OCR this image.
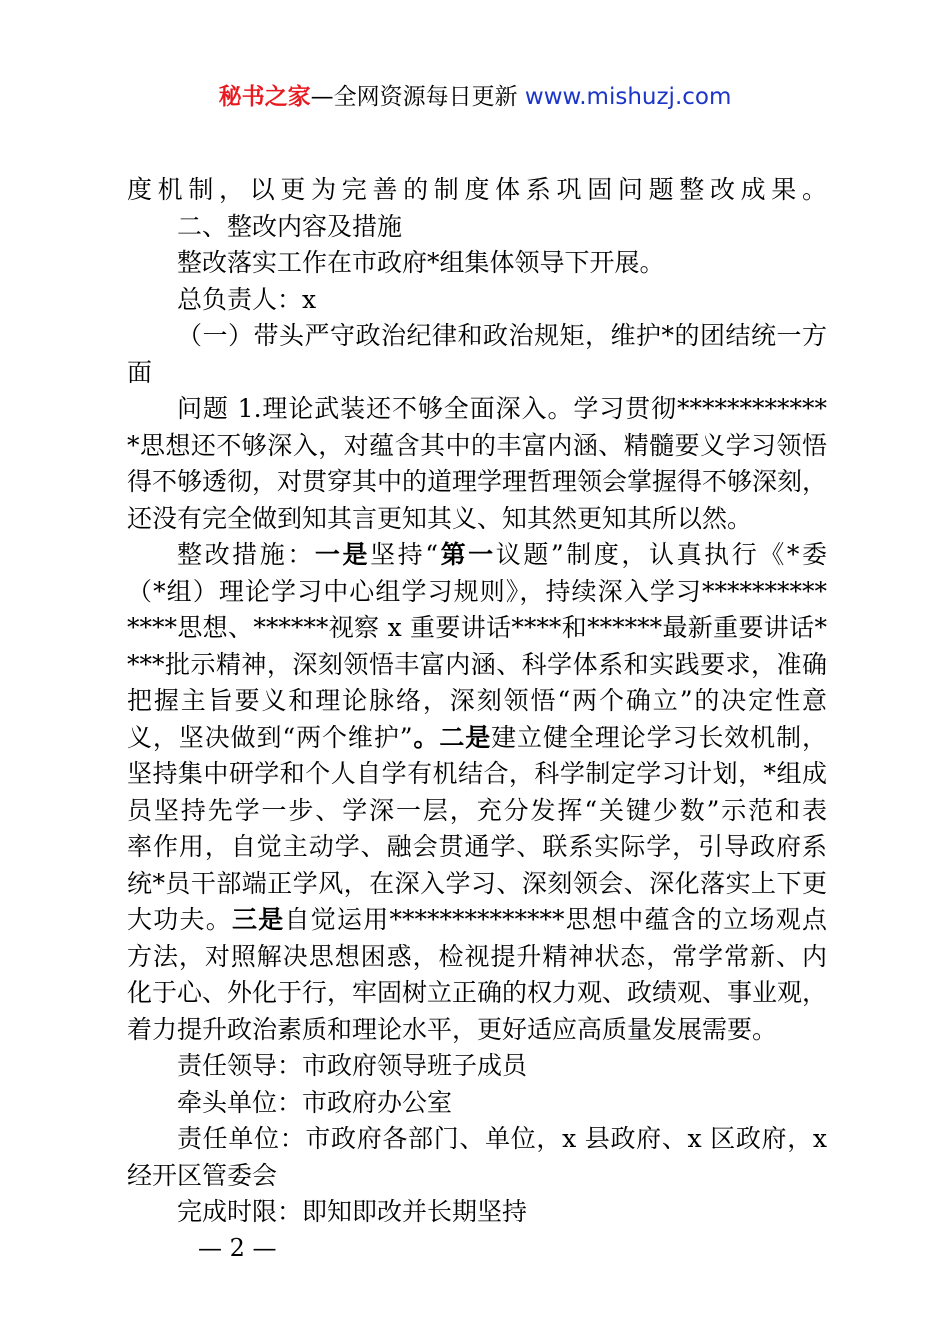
秘书之家—全网资源每日更新 www.mishuzj.com

度机制，以更为完善的制度体系巩固问题整改成果。

二、整改内容及措施

整改落实工作在市政府*组集体领导下开展。

总负责人：x

（一）带头严守政治纪律和政治规矩，维护*的团结统一方

面

问题 1.理论武装还不够全面深入。学习贯彻************

*思想还不够深入，对蕴含其中的丰富内涵、精髓要义学习领悟

得不够透彻，对贯穿其中的道理学理哲理领会掌握得不够深刻，

还没有完全做到知其言更知其义、知其然更知其所以然。

整改措施：一是坚持“第一议题”制度，认真执行《*委

（*组）理论学习中心组学习规则》，持续深入学习**********

****思想、******视察 x 重要讲话****和******最新重要讲话*

***批示精神，深刻领悟丰富内涵、科学体系和实践要求，准确

把握主旨要义和理论脉络，深刻领悟“两个确立”的决定性意

义，坚决做到“两个维护”。二是建立健全理论学习长效机制，

坚持集中研学和个人自学有机结合，科学制定学习计划，*组成

员坚持先学一步、学深一层，充分发挥“关键少数”示范和表

率作用，自觉主动学、融会贯通学、联系实际学，引导政府系

统*员干部端正学风，在深入学习、深刻领会、深化落实上下更

大功夫。三是自觉运用**************思想中蕴含的立场观点

方法，对照解决思想困惑，检视提升精神状态，常学常新、内

化于心、外化于行，牢固树立正确的权力观、政绩观、事业观，

着力提升政治素质和理论水平，更好适应高质量发展需要。

责任领导：市政府领导班子成员

牵头单位：市政府办公室

责任单位：市政府各部门、单位，x 县政府、x 区政府，x

经开区管委会

完成时限：即知即改并长期坚持

— 2 —
